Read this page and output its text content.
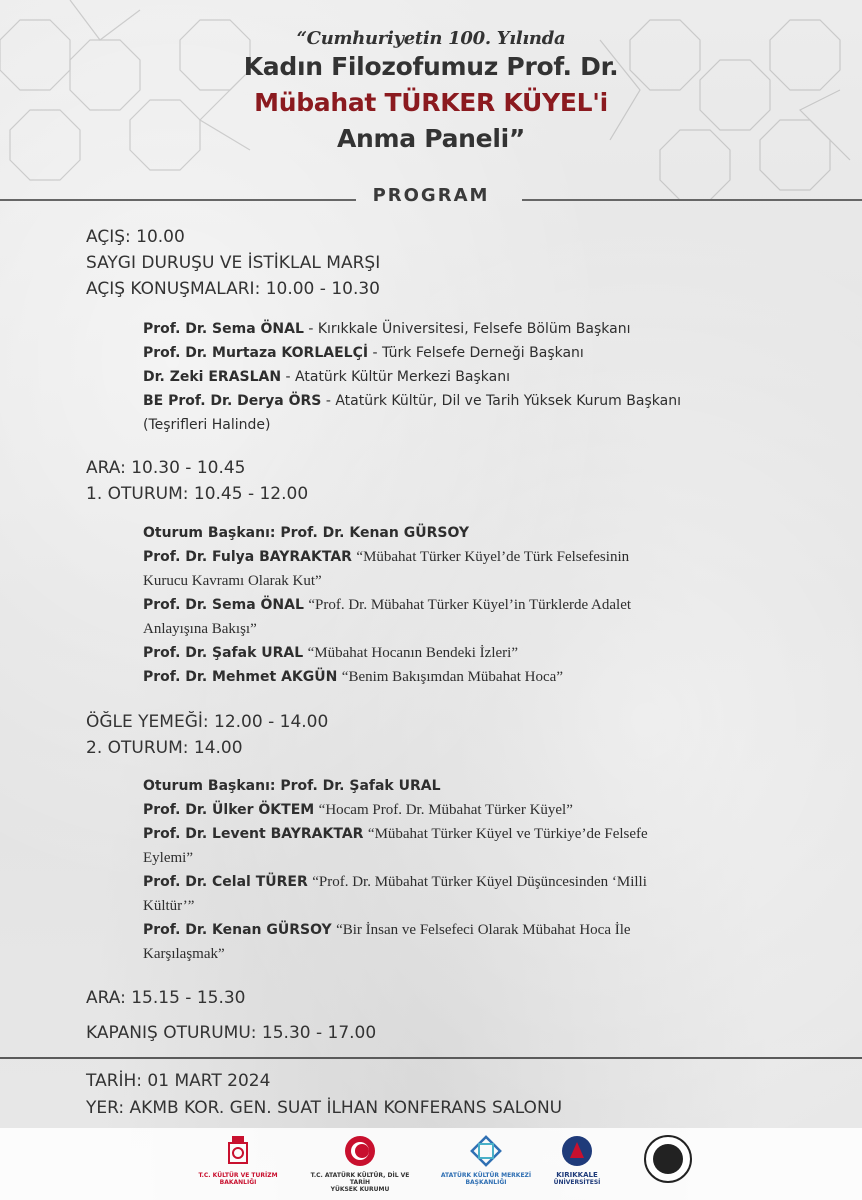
“Cumhuriyetin 100. Yılında
Kadın Filozofumuz Prof. Dr.
Mübahat TÜRKER KÜYEL'i
Anma Paneli”
PROGRAM
AÇIŞ: 10.00
SAYGI DURUŞU VE İSTİKLAL MARŞI
AÇIŞ KONUŞMALARI: 10.00 - 10.30
Prof. Dr. Sema ÖNAL - Kırıkkale Üniversitesi, Felsefe Bölüm Başkanı
Prof. Dr. Murtaza KORLAELÇİ - Türk Felsefe Derneği Başkanı
Dr. Zeki ERASLAN - Atatürk Kültür Merkezi Başkanı
BE Prof. Dr. Derya ÖRS - Atatürk Kültür, Dil ve Tarih Yüksek Kurum Başkanı
(Teşrifleri Halinde)
ARA: 10.30 - 10.45
1. OTURUM: 10.45 - 12.00
Oturum Başkanı: Prof. Dr. Kenan GÜRSOY
Prof. Dr. Fulya BAYRAKTAR “Mübahat Türker Küyel’de Türk Felsefesinin
Kurucu Kavramı Olarak Kut”
Prof. Dr. Sema ÖNAL “Prof. Dr. Mübahat Türker Küyel’in Türklerde Adalet
Anlayışına Bakışı”
Prof. Dr. Şafak URAL “Mübahat Hocanın Bendeki İzleri”
Prof. Dr. Mehmet AKGÜN “Benim Bakışımdan Mübahat Hoca”
ÖĞLE YEMEĞİ: 12.00 - 14.00
2. OTURUM: 14.00
Oturum Başkanı: Prof. Dr. Şafak URAL
Prof. Dr. Ülker ÖKTEM “Hocam Prof. Dr. Mübahat Türker Küyel”
Prof. Dr. Levent BAYRAKTAR “Mübahat Türker Küyel ve Türkiye’de Felsefe
Eylemi”
Prof. Dr. Celal TÜRER “Prof. Dr. Mübahat Türker Küyel Düşüncesinden ‘Milli
Kültür’”
Prof. Dr. Kenan GÜRSOY “Bir İnsan ve Felsefeci Olarak Mübahat Hoca İle
Karşılaşmak”
ARA: 15.15 - 15.30
KAPANIŞ OTURUMU: 15.30 - 17.00
TARİH: 01 MART 2024
YER: AKMB KOR. GEN. SUAT İLHAN KONFERANS SALONU
T.C. KÜLTÜR VE TURİZM
BAKANLIĞI
T.C. ATATÜRK KÜLTÜR, DİL VE TARİH
YÜKSEK KURUMU
ATATÜRK KÜLTÜR MERKEZİ
BAŞKANLIĞI
KIRIKKALE
ÜNİVERSİTESİ
